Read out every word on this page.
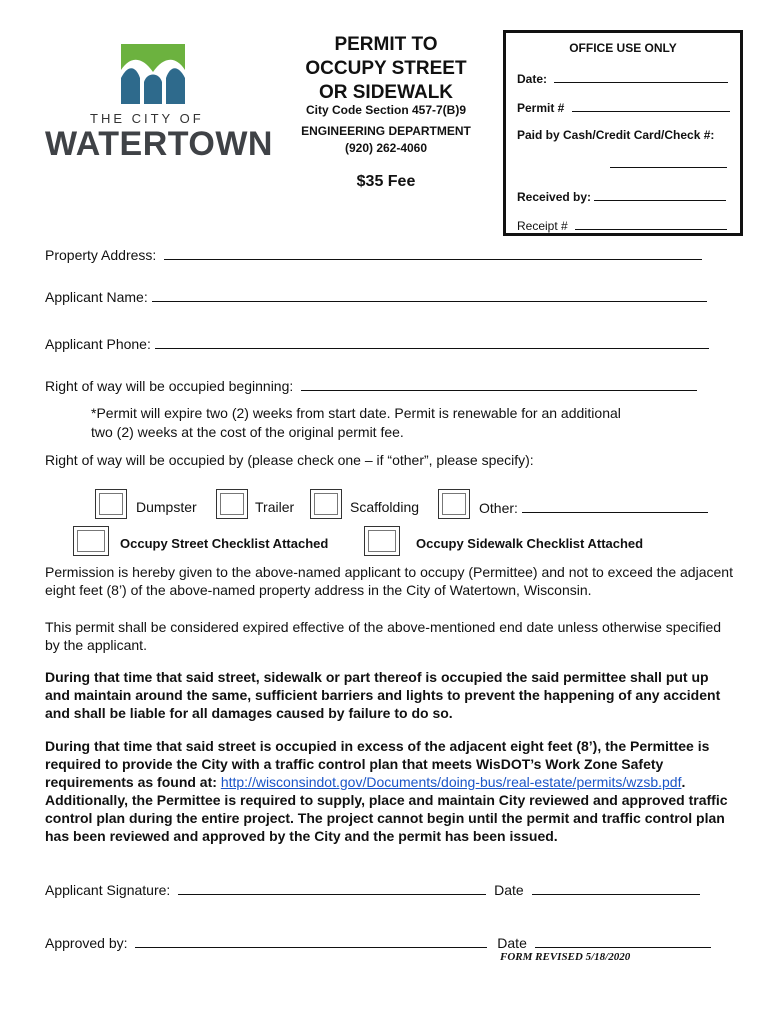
THE CITY OF
WATERTOWN
PERMIT TO
OCCUPY STREET
OR SIDEWALK
City Code Section 457-7(B)9
ENGINEERING DEPARTMENT
(920) 262-4060
$35 Fee
OFFICE USE ONLY
Date:
Permit #
Paid by Cash/Credit Card/Check #:
Received by:
Receipt #
Property Address:
Applicant Name:
Applicant Phone:
Right of way will be occupied beginning:
*Permit will expire two (2) weeks from start date. Permit is renewable for an additional
two (2) weeks at the cost of the original permit fee.
Right of way will be occupied by (please check one – if “other”, please specify):
Dumpster	Trailer	Scaffolding	Other:
Occupy Street Checklist Attached	Occupy Sidewalk Checklist Attached
Permission is hereby given to the above-named applicant to occupy (Permittee) and not to exceed the adjacent eight feet (8’) of the above-named property address in the City of Watertown, Wisconsin.
This permit shall be considered expired effective of the above-mentioned end date unless otherwise specified by the applicant.
During that time that said street, sidewalk or part thereof is occupied the said permittee shall put up and maintain around the same, sufficient barriers and lights to prevent the happening of any accident and shall be liable for all damages caused by failure to do so.
During that time that said street is occupied in excess of the adjacent eight feet (8’), the Permittee is required to provide the City with a traffic control plan that meets WisDOT’s Work Zone Safety requirements as found at: http://wisconsindot.gov/Documents/doing-bus/real-estate/permits/wzsb.pdf. Additionally, the Permittee is required to supply, place and maintain City reviewed and approved traffic control plan during the entire project. The project cannot begin until the permit and traffic control plan has been reviewed and approved by the City and the permit has been issued.
Applicant Signature:	Date
Approved by:	Date
FORM REVISED 5/18/2020
